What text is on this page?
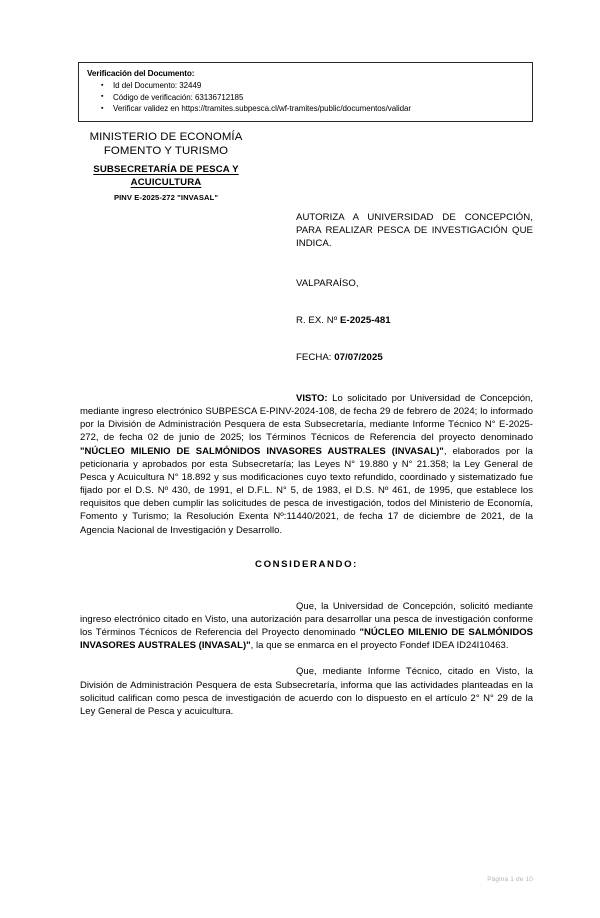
Verificación del Documento:
▪ Id del Documento: 32449
▪ Código de verificación: 63136712185
▪ Verificar validez en https://tramites.subpesca.cl/wf-tramites/public/documentos/validar
MINISTERIO DE ECONOMÍA
FOMENTO Y TURISMO
SUBSECRETARÍA DE PESCA Y
ACUICULTURA
PINV E-2025-272 "INVASAL"
AUTORIZA A UNIVERSIDAD DE CONCEPCIÓN, PARA REALIZAR PESCA DE INVESTIGACIÓN QUE INDICA.
VALPARAÍSO,
R. EX. Nº E-2025-481
FECHA: 07/07/2025

VISTO: Lo solicitado por Universidad de Concepción, mediante ingreso electrónico SUBPESCA E-PINV-2024-108, de fecha 29 de febrero de 2024; lo informado por la División de Administración Pesquera de esta Subsecretaría, mediante Informe Técnico N° E-2025-272, de fecha 02 de junio de 2025; los Términos Técnicos de Referencia del proyecto denominado "NÚCLEO MILENIO DE SALMÓNIDOS INVASORES AUSTRALES (INVASAL)", elaborados por la peticionaria y aprobados por esta Subsecretaría; las Leyes N° 19.880 y N° 21.358; la Ley General de Pesca y Acuicultura N° 18.892 y sus modificaciones cuyo texto refundido, coordinado y sistematizado fue fijado por el D.S. Nº 430, de 1991, el D.F.L. N° 5, de 1983, el D.S. Nº 461, de 1995, que establece los requisitos que deben cumplir las solicitudes de pesca de investigación, todos del Ministerio de Economía, Fomento y Turismo; la Resolución Exenta Nº:11440/2021, de fecha 17 de diciembre de 2021, de la Agencia Nacional de Investigación y Desarrollo.

CONSIDERANDO:

Que, la Universidad de Concepción, solicitó mediante ingreso electrónico citado en Visto, una autorización para desarrollar una pesca de investigación conforme los Términos Técnicos de Referencia del Proyecto denominado "NÚCLEO MILENIO DE SALMÓNIDOS INVASORES AUSTRALES (INVASAL)", la que se enmarca en el proyecto Fondef IDEA ID24I10463.

Que, mediante Informe Técnico, citado en Visto, la División de Administración Pesquera de esta Subsecretaría, informa que las actividades planteadas en la solicitud califican como pesca de investigación de acuerdo con lo dispuesto en el artículo 2° N° 29 de la Ley General de Pesca y acuicultura.

Página 1 de 10
